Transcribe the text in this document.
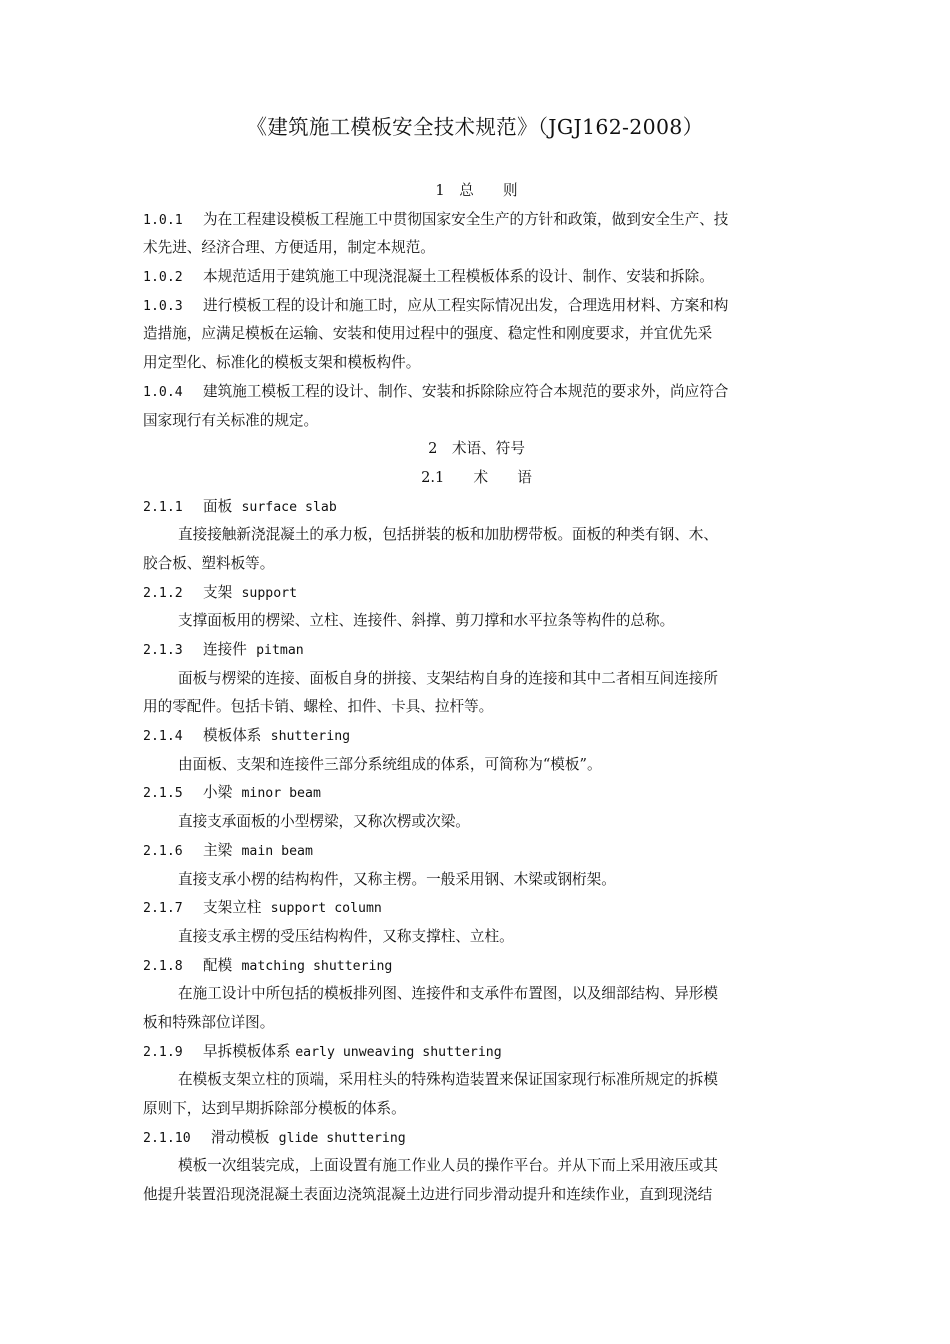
《建筑施工模板安全技术规范》（JGJ162-2008）
1　总　　则
1.0.1 为在工程建设模板工程施工中贯彻国家安全生产的方针和政策，做到安全生产、技
术先进、经济合理、方便适用，制定本规范。
1.0.2 本规范适用于建筑施工中现浇混凝土工程模板体系的设计、制作、安装和拆除。
1.0.3 进行模板工程的设计和施工时，应从工程实际情况出发，合理选用材料、方案和构
造措施，应满足模板在运输、安装和使用过程中的强度、稳定性和刚度要求，并宜优先采
用定型化、标准化的模板支架和模板构件。
1.0.4 建筑施工模板工程的设计、制作、安装和拆除除应符合本规范的要求外，尚应符合
国家现行有关标准的规定。
2　术语、符号
2.1　　术　　语
2.1.1 面板 surface slab
直接接触新浇混凝土的承力板，包括拼装的板和加肋楞带板。面板的种类有钢、木、
胶合板、塑料板等。
2.1.2 支架 support
支撑面板用的楞梁、立柱、连接件、斜撑、剪刀撑和水平拉条等构件的总称。
2.1.3 连接件 pitman
面板与楞梁的连接、面板自身的拼接、支架结构自身的连接和其中二者相互间连接所
用的零配件。包括卡销、螺栓、扣件、卡具、拉杆等。
2.1.4 模板体系 shuttering
由面板、支架和连接件三部分系统组成的体系，可简称为“模板”。
2.1.5 小梁 minor beam
直接支承面板的小型楞梁，又称次楞或次梁。
2.1.6 主梁 main beam
直接支承小楞的结构构件，又称主楞。一般采用钢、木梁或钢桁架。
2.1.7 支架立柱 support column
直接支承主楞的受压结构构件，又称支撑柱、立柱。
2.1.8 配模 matching shuttering
在施工设计中所包括的模板排列图、连接件和支承件布置图，以及细部结构、异形模
板和特殊部位详图。
2.1.9 早拆模板体系 early unweaving shuttering
在模板支架立柱的顶端，采用柱头的特殊构造装置来保证国家现行标准所规定的拆模
原则下，达到早期拆除部分模板的体系。
2.1.10 滑动模板 glide shuttering
模板一次组装完成，上面设置有施工作业人员的操作平台。并从下而上采用液压或其
他提升装置沿现浇混凝土表面边浇筑混凝土边进行同步滑动提升和连续作业，直到现浇结
